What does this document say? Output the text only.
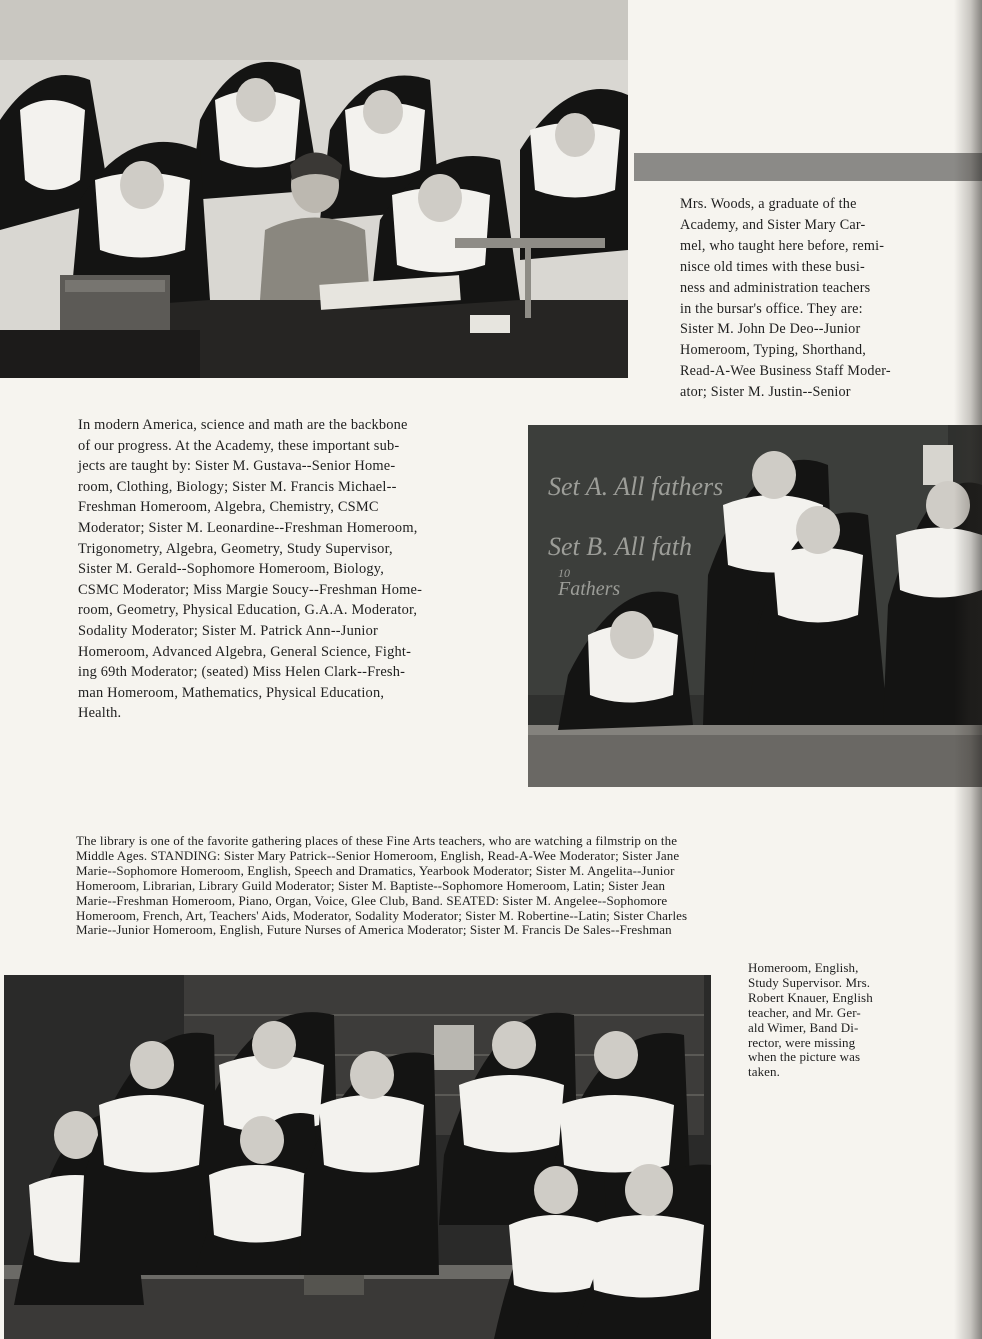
Mrs. Woods, a graduate of the
Academy, and Sister Mary Car-
mel, who taught here before, remi-
nisce old times with these busi-
ness and administration teachers
in the bursar's office. They are:
Sister M. John De Deo--Junior
Homeroom, Typing, Shorthand,
Read-A-Wee Business Staff Moder-
ator; Sister M. Justin--Senior
In modern America, science and math are the backbone
of our progress. At the Academy, these important sub-
jects are taught by: Sister M. Gustava--Senior Home-
room, Clothing, Biology; Sister M. Francis Michael--
Freshman Homeroom, Algebra, Chemistry, CSMC
Moderator; Sister M. Leonardine--Freshman Homeroom,
Trigonometry, Algebra, Geometry, Study Supervisor,
Sister M. Gerald--Sophomore Homeroom, Biology,
CSMC Moderator; Miss Margie Soucy--Freshman Home-
room, Geometry, Physical Education, G.A.A. Moderator,
Sodality Moderator; Sister M. Patrick Ann--Junior
Homeroom, Advanced Algebra, General Science, Fight-
ing 69th Moderator; (seated) Miss Helen Clark--Fresh-
man Homeroom, Mathematics, Physical Education,
Health.
Set A. All fathers
Set B. All fath
10
Fathers
The library is one of the favorite gathering places of these Fine Arts teachers, who are watching a filmstrip on the
Middle Ages. STANDING: Sister Mary Patrick--Senior Homeroom, English, Read-A-Wee Moderator; Sister Jane
Marie--Sophomore Homeroom, English, Speech and Dramatics, Yearbook Moderator; Sister M. Angelita--Junior
Homeroom, Librarian, Library Guild Moderator; Sister M. Baptiste--Sophomore Homeroom, Latin; Sister Jean
Marie--Freshman Homeroom, Piano, Organ, Voice, Glee Club, Band. SEATED: Sister M. Angelee--Sophomore
Homeroom, French, Art, Teachers' Aids, Moderator, Sodality Moderator; Sister M. Robertine--Latin; Sister Charles
Marie--Junior Homeroom, English, Future Nurses of America Moderator; Sister M. Francis De Sales--Freshman
Homeroom, English,
Study Supervisor. Mrs.
Robert Knauer, English
teacher, and Mr. Ger-
ald Wimer, Band Di-
rector, were missing
when the picture was
taken.
